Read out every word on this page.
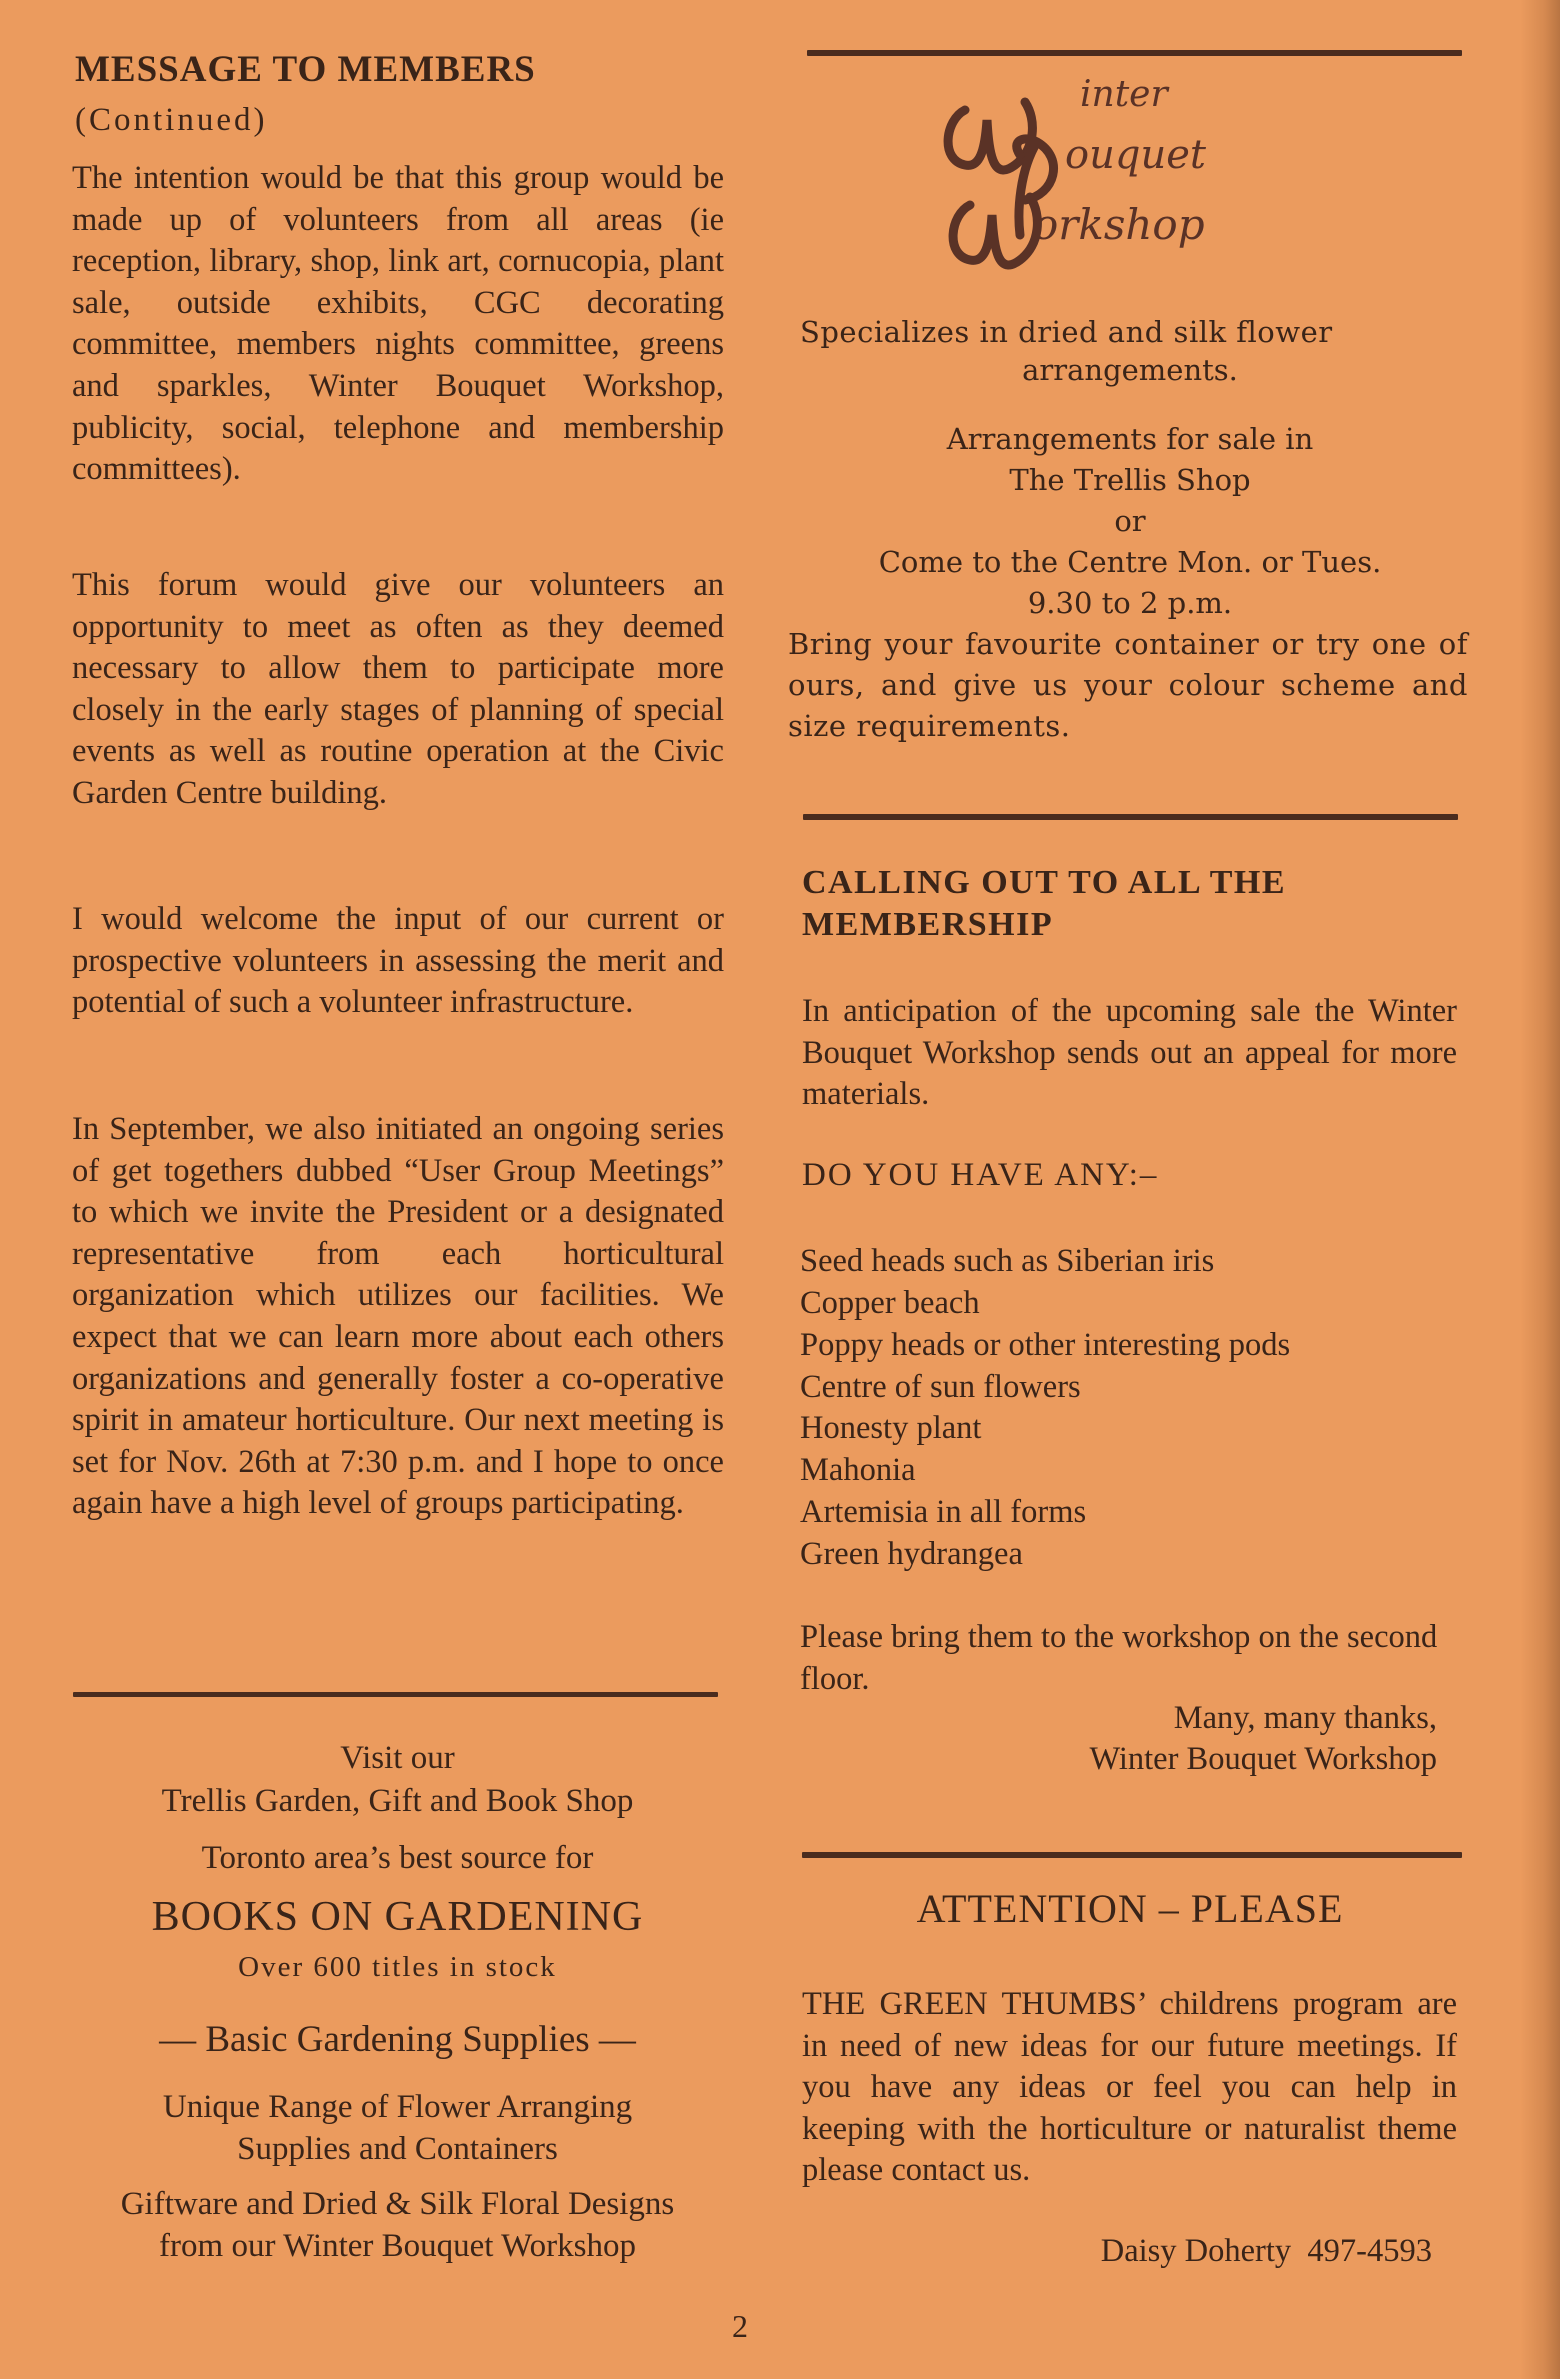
MESSAGE TO MEMBERS
(Continued)

The intention would be that this group would be made up of volunteers from all areas (ie reception, library, shop, link art, cornucopia, plant sale, outside exhibits, CGC decorating committee, members nights committee, greens and sparkles, Winter Bouquet Workshop, publicity, social, telephone and membership committees).

This forum would give our volunteers an opportunity to meet as often as they deemed necessary to allow them to participate more closely in the early stages of planning of special events as well as routine operation at the Civic Garden Centre building.

I would welcome the input of our current or prospective volunteers in assessing the merit and potential of such a volunteer infrastructure.

In September, we also initiated an ongoing series of get togethers dubbed “User Group Meetings” to which we invite the President or a designated representative from each horticultural organization which utilizes our facilities. We expect that we can learn more about each others organizations and generally foster a co-operative spirit in amateur horticulture. Our next meeting is set for Nov. 26th at 7:30 p.m. and I hope to once again have a high level of groups participating.

Visit our
Trellis Garden, Gift and Book Shop
Toronto area’s best source for
BOOKS ON GARDENING
Over 600 titles in stock
— Basic Gardening Supplies —
Unique Range of Flower Arranging
Supplies and Containers
Giftware and Dried & Silk Floral Designs
from our Winter Bouquet Workshop
inter
ouquet
orkshop

Specializes in dried and silk flower

arrangements.
Arrangements for sale in
The Trellis Shop
or
Come to the Centre Mon. or Tues.
9.30 to 2 p.m.

Bring your favourite container or try one of ours, and give us your colour scheme and size requirements.

CALLING OUT TO ALL THE
MEMBERSHIP

In anticipation of the upcoming sale the Winter Bouquet Workshop sends out an appeal for more materials.

DO YOU HAVE ANY:–
Seed heads such as Siberian iris
Copper beach
Poppy heads or other interesting pods
Centre of sun flowers
Honesty plant
Mahonia
Artemisia in all forms
Green hydrangea

Please bring them to the workshop on the second floor.

Many, many thanks,
Winter Bouquet Workshop
ATTENTION – PLEASE

THE GREEN THUMBS’ childrens program are in need of new ideas for our future meetings. If you have any ideas or feel you can help in keeping with the horticulture or naturalist theme please contact us.

Daisy Doherty  497-4593
2
